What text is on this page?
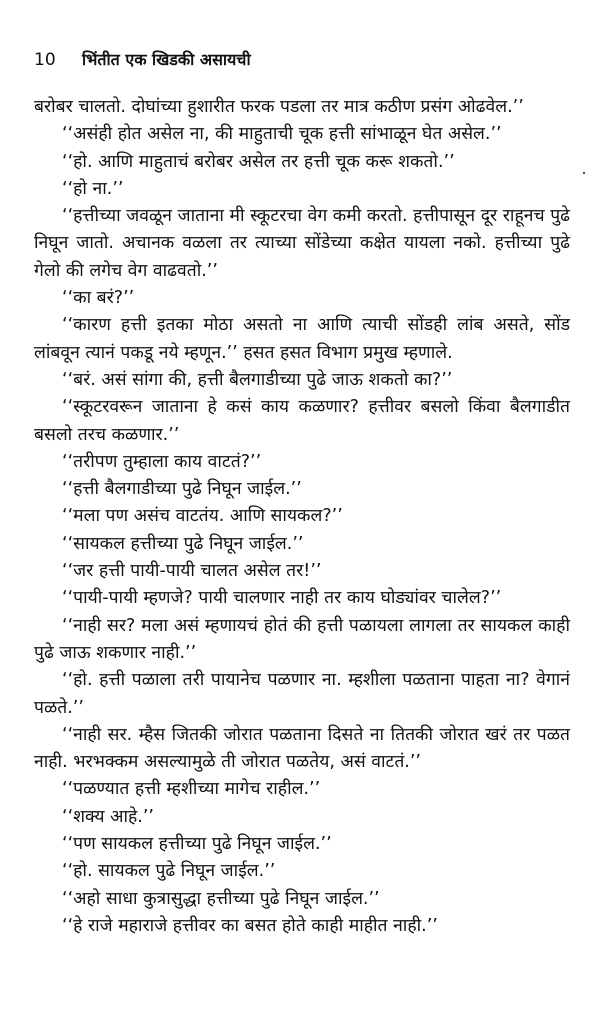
10	भिंतीत एक खिडकी असायची

बरोबर चालतो. दोघांच्या हुशारीत फरक पडला तर मात्र कठीण प्रसंग ओढवेल.’’

‘‘असंही होत असेल ना, की माहुताची चूक हत्ती सांभाळून घेत असेल.’’

‘‘हो. आणि माहुताचं बरोबर असेल तर हत्ती चूक करू शकतो.’’

‘‘हो ना.’’

‘‘हत्तीच्या जवळून जाताना मी स्कूटरचा वेग कमी करतो. हत्तीपासून दूर राहूनच पुढे निघून जातो. अचानक वळला तर त्याच्या सोंडेच्या कक्षेत यायला नको. हत्तीच्या पुढे गेलो की लगेच वेग वाढवतो.’’

‘‘का बरं?’’

‘‘कारण हत्ती इतका मोठा असतो ना आणि त्याची सोंडही लांब असते, सोंड लांबवून त्यानं पकडू नये म्हणून.’’ हसत हसत विभाग प्रमुख म्हणाले.

‘‘बरं. असं सांगा की, हत्ती बैलगाडीच्या पुढे जाऊ शकतो का?’’

‘‘स्कूटरवरून जाताना हे कसं काय कळणार? हत्तीवर बसलो किंवा बैलगाडीत बसलो तरच कळणार.’’

‘‘तरीपण तुम्हाला काय वाटतं?’’

‘‘हत्ती बैलगाडीच्या पुढे निघून जाईल.’’

‘‘मला पण असंच वाटतंय. आणि सायकल?’’

‘‘सायकल हत्तीच्या पुढे निघून जाईल.’’

‘‘जर हत्ती पायी-पायी चालत असेल तर!’’

‘‘पायी-पायी म्हणजे? पायी चालणार नाही तर काय घोड्यांवर चालेल?’’

‘‘नाही सर? मला असं म्हणायचं होतं की हत्ती पळायला लागला तर सायकल काही पुढे जाऊ शकणार नाही.’’

‘‘हो. हत्ती पळाला तरी पायानेच पळणार ना. म्हशीला पळताना पाहता ना? वेगानं पळते.’’

‘‘नाही सर. म्हैस जितकी जोरात पळताना दिसते ना तितकी जोरात खरं तर पळत नाही. भरभक्कम असल्यामुळे ती जोरात पळतेय, असं वाटतं.’’

‘‘पळण्यात हत्ती म्हशीच्या मागेच राहील.’’

‘‘शक्य आहे.’’

‘‘पण सायकल हत्तीच्या पुढे निघून जाईल.’’

‘‘हो. सायकल पुढे निघून जाईल.’’

‘‘अहो साधा कुत्रासुद्धा हत्तीच्या पुढे निघून जाईल.’’

‘‘हे राजे महाराजे हत्तीवर का बसत होते काही माहीत नाही.’’
